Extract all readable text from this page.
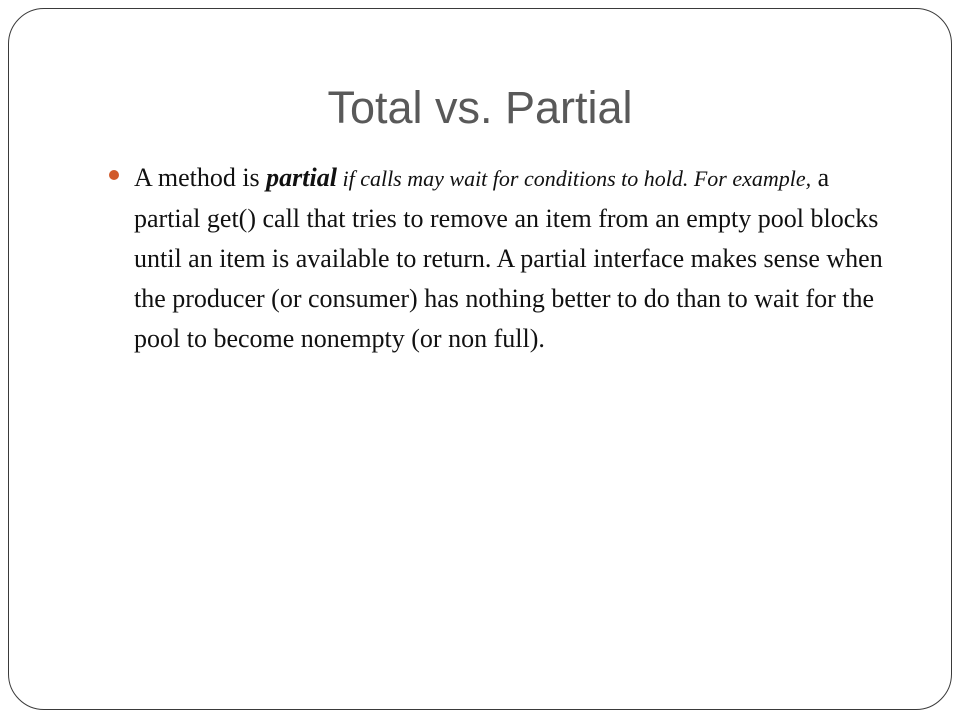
Total vs. Partial

A method is partial if calls may wait for conditions to hold. For example, a partial get() call that tries to remove an item from an empty pool blocks until an item is available to return. A partial interface makes sense when the producer (or consumer) has nothing better to do than to wait for the pool to become nonempty (or non full).
